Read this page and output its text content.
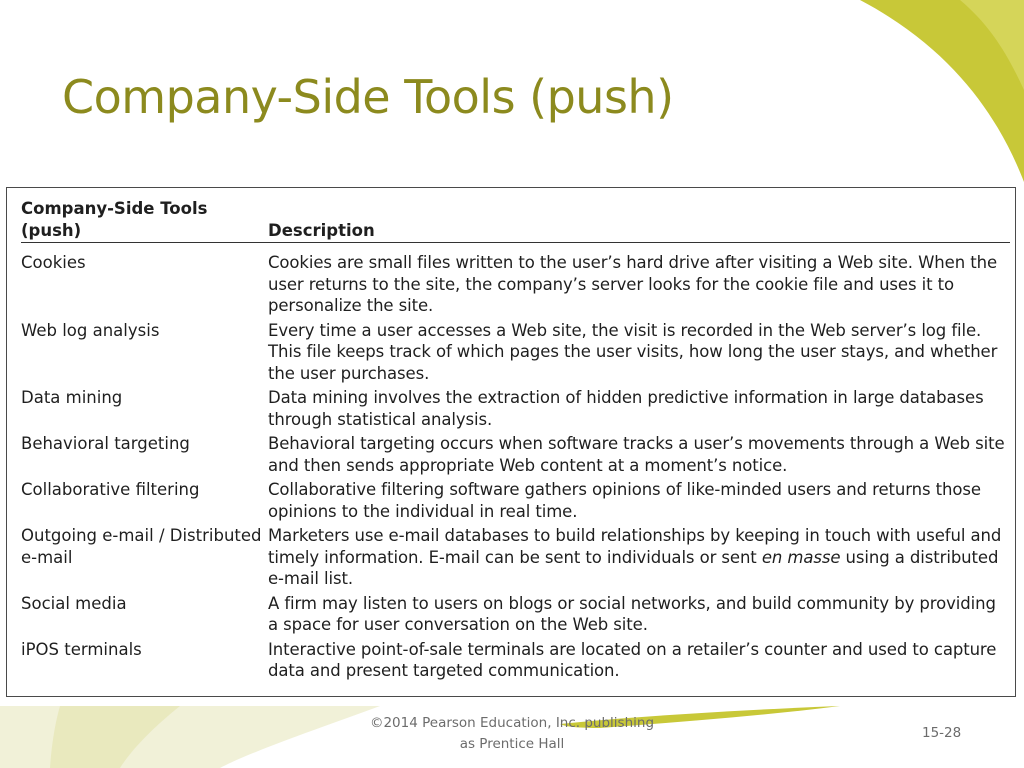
Company-Side Tools (push)
Company-Side Tools (push)	Description
Cookies	Cookies are small files written to the user’s hard drive after visiting a Web site. When the user returns to the site, the company’s server looks for the cookie file and uses it to personalize the site.
Web log analysis	Every time a user accesses a Web site, the visit is recorded in the Web server’s log file. This file keeps track of which pages the user visits, how long the user stays, and whether the user purchases.
Data mining	Data mining involves the extraction of hidden predictive information in large databases through statistical analysis.
Behavioral targeting	Behavioral targeting occurs when software tracks a user’s movements through a Web site and then sends appropriate Web content at a moment’s notice.
Collaborative filtering	Collaborative filtering software gathers opinions of like-minded users and returns those opinions to the individual in real time.
Outgoing e-mail / Distributed e-mail	Marketers use e-mail databases to build relationships by keeping in touch with useful and timely information. E-mail can be sent to individuals or sent en masse using a distributed e-mail list.
Social media	A firm may listen to users on blogs or social networks, and build community by providing a space for user conversation on the Web site.
iPOS terminals	Interactive point-of-sale terminals are located on a retailer’s counter and used to capture data and present targeted communication.
©2014 Pearson Education, Inc. publishing
as Prentice Hall
15-28
